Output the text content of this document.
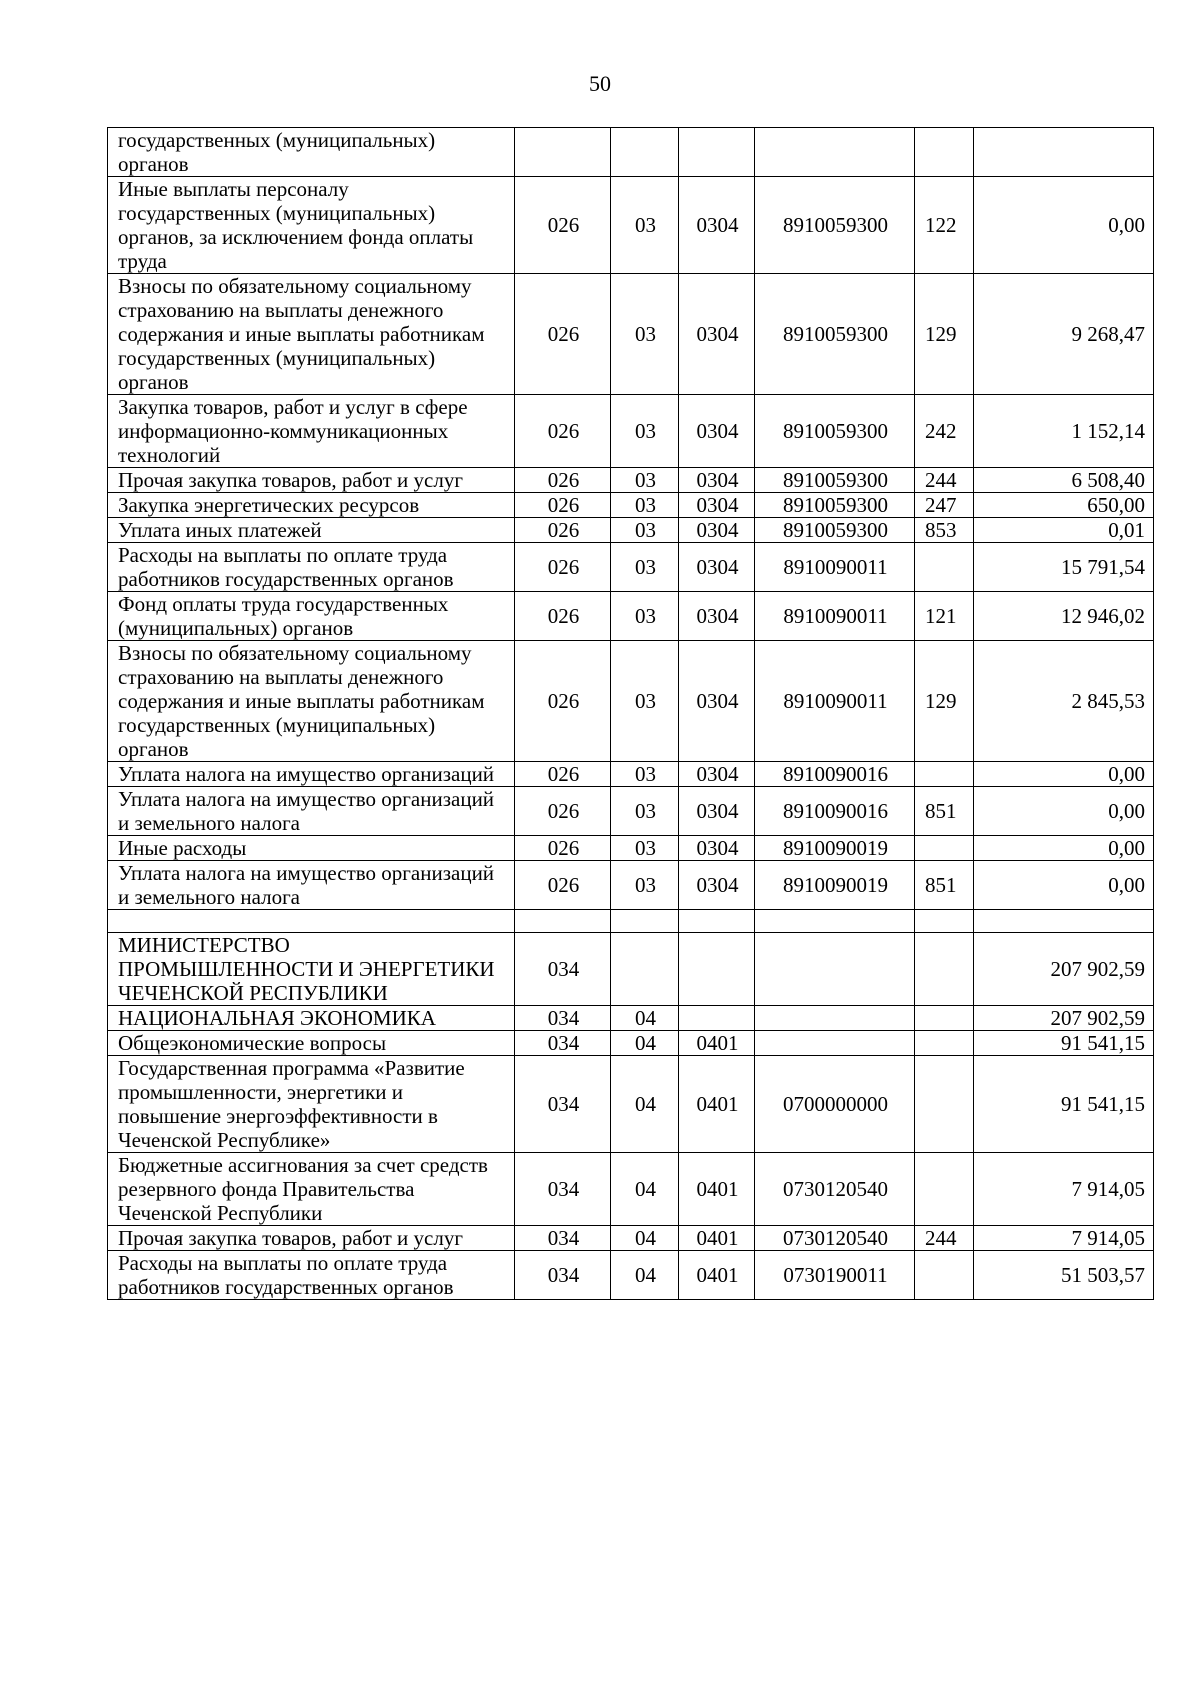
50
государственных (муниципальных) органов						
Иные выплаты персоналу государственных (муниципальных) органов, за исключением фонда оплаты труда	026	03	0304	8910059300	122	0,00
Взносы по обязательному социальному страхованию на выплаты денежного содержания и иные выплаты работникам государственных (муниципальных) органов	026	03	0304	8910059300	129	9 268,47
Закупка товаров, работ и услуг в сфере информационно-коммуникационных технологий	026	03	0304	8910059300	242	1 152,14
Прочая закупка товаров, работ и услуг	026	03	0304	8910059300	244	6 508,40
Закупка энергетических ресурсов	026	03	0304	8910059300	247	650,00
Уплата иных платежей	026	03	0304	8910059300	853	0,01
Расходы на выплаты по оплате труда работников государственных органов	026	03	0304	8910090011		15 791,54
Фонд оплаты труда государственных (муниципальных) органов	026	03	0304	8910090011	121	12 946,02
Взносы по обязательному социальному страхованию на выплаты денежного содержания и иные выплаты работникам государственных (муниципальных) органов	026	03	0304	8910090011	129	2 845,53
Уплата налога на имущество организаций	026	03	0304	8910090016		0,00
Уплата налога на имущество организаций и земельного налога	026	03	0304	8910090016	851	0,00
Иные расходы	026	03	0304	8910090019		0,00
Уплата налога на имущество организаций и земельного налога	026	03	0304	8910090019	851	0,00

МИНИСТЕРСТВО ПРОМЫШЛЕННОСТИ И ЭНЕРГЕТИКИ ЧЕЧЕНСКОЙ РЕСПУБЛИКИ	034					207 902,59
НАЦИОНАЛЬНАЯ ЭКОНОМИКА	034	04				207 902,59
Общеэкономические вопросы	034	04	0401			91 541,15
Государственная программа «Развитие промышленности, энергетики и повышение энергоэффективности в Чеченской Республике»	034	04	0401	0700000000		91 541,15
Бюджетные ассигнования за счет средств резервного фонда Правительства Чеченской Республики	034	04	0401	0730120540		7 914,05
Прочая закупка товаров, работ и услуг	034	04	0401	0730120540	244	7 914,05
Расходы на выплаты по оплате труда работников государственных органов	034	04	0401	0730190011		51 503,57
